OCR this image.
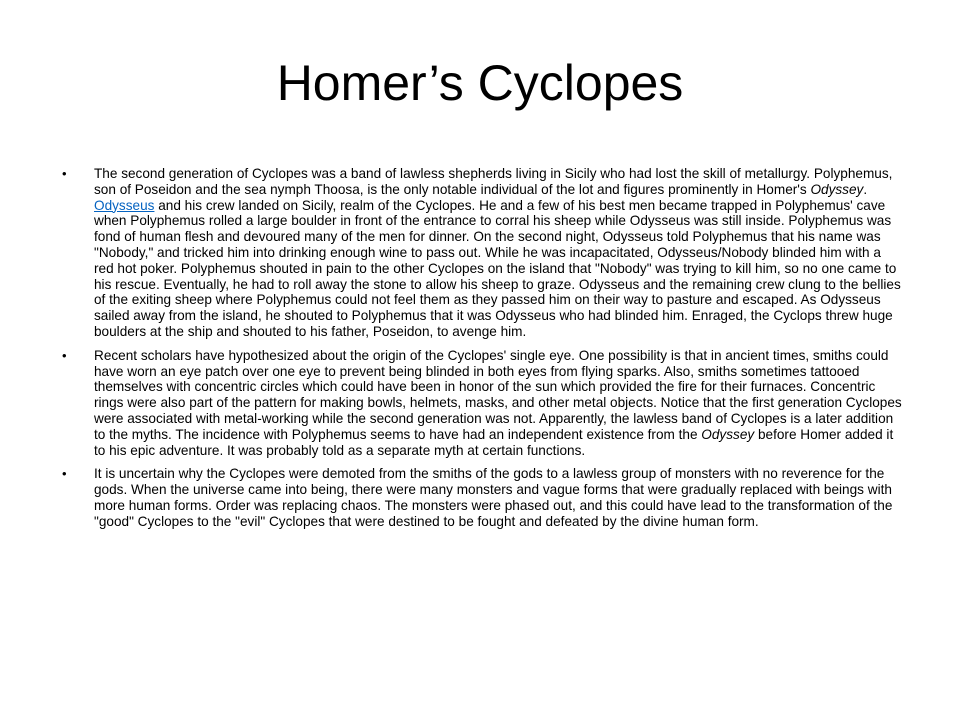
Homer’s Cyclopes
• The second generation of Cyclopes was a band of lawless shepherds living in Sicily who had lost the skill of metallurgy. Polyphemus, son of Poseidon and the sea nymph Thoosa, is the only notable individual of the lot and figures prominently in Homer's Odyssey. Odysseus and his crew landed on Sicily, realm of the Cyclopes. He and a few of his best men became trapped in Polyphemus' cave when Polyphemus rolled a large boulder in front of the entrance to corral his sheep while Odysseus was still inside. Polyphemus was fond of human flesh and devoured many of the men for dinner. On the second night, Odysseus told Polyphemus that his name was "Nobody," and tricked him into drinking enough wine to pass out. While he was incapacitated, Odysseus/Nobody blinded him with a red hot poker. Polyphemus shouted in pain to the other Cyclopes on the island that "Nobody" was trying to kill him, so no one came to his rescue. Eventually, he had to roll away the stone to allow his sheep to graze. Odysseus and the remaining crew clung to the bellies of the exiting sheep where Polyphemus could not feel them as they passed him on their way to pasture and escaped. As Odysseus sailed away from the island, he shouted to Polyphemus that it was Odysseus who had blinded him. Enraged, the Cyclops threw huge boulders at the ship and shouted to his father, Poseidon, to avenge him.
• Recent scholars have hypothesized about the origin of the Cyclopes' single eye. One possibility is that in ancient times, smiths could have worn an eye patch over one eye to prevent being blinded in both eyes from flying sparks. Also, smiths sometimes tattooed themselves with concentric circles which could have been in honor of the sun which provided the fire for their furnaces. Concentric rings were also part of the pattern for making bowls, helmets, masks, and other metal objects. Notice that the first generation Cyclopes were associated with metal-working while the second generation was not. Apparently, the lawless band of Cyclopes is a later addition to the myths. The incidence with Polyphemus seems to have had an independent existence from the Odyssey before Homer added it to his epic adventure. It was probably told as a separate myth at certain functions.
• It is uncertain why the Cyclopes were demoted from the smiths of the gods to a lawless group of monsters with no reverence for the gods. When the universe came into being, there were many monsters and vague forms that were gradually replaced with beings with more human forms. Order was replacing chaos. The monsters were phased out, and this could have lead to the transformation of the "good" Cyclopes to the "evil" Cyclopes that were destined to be fought and defeated by the divine human form.
